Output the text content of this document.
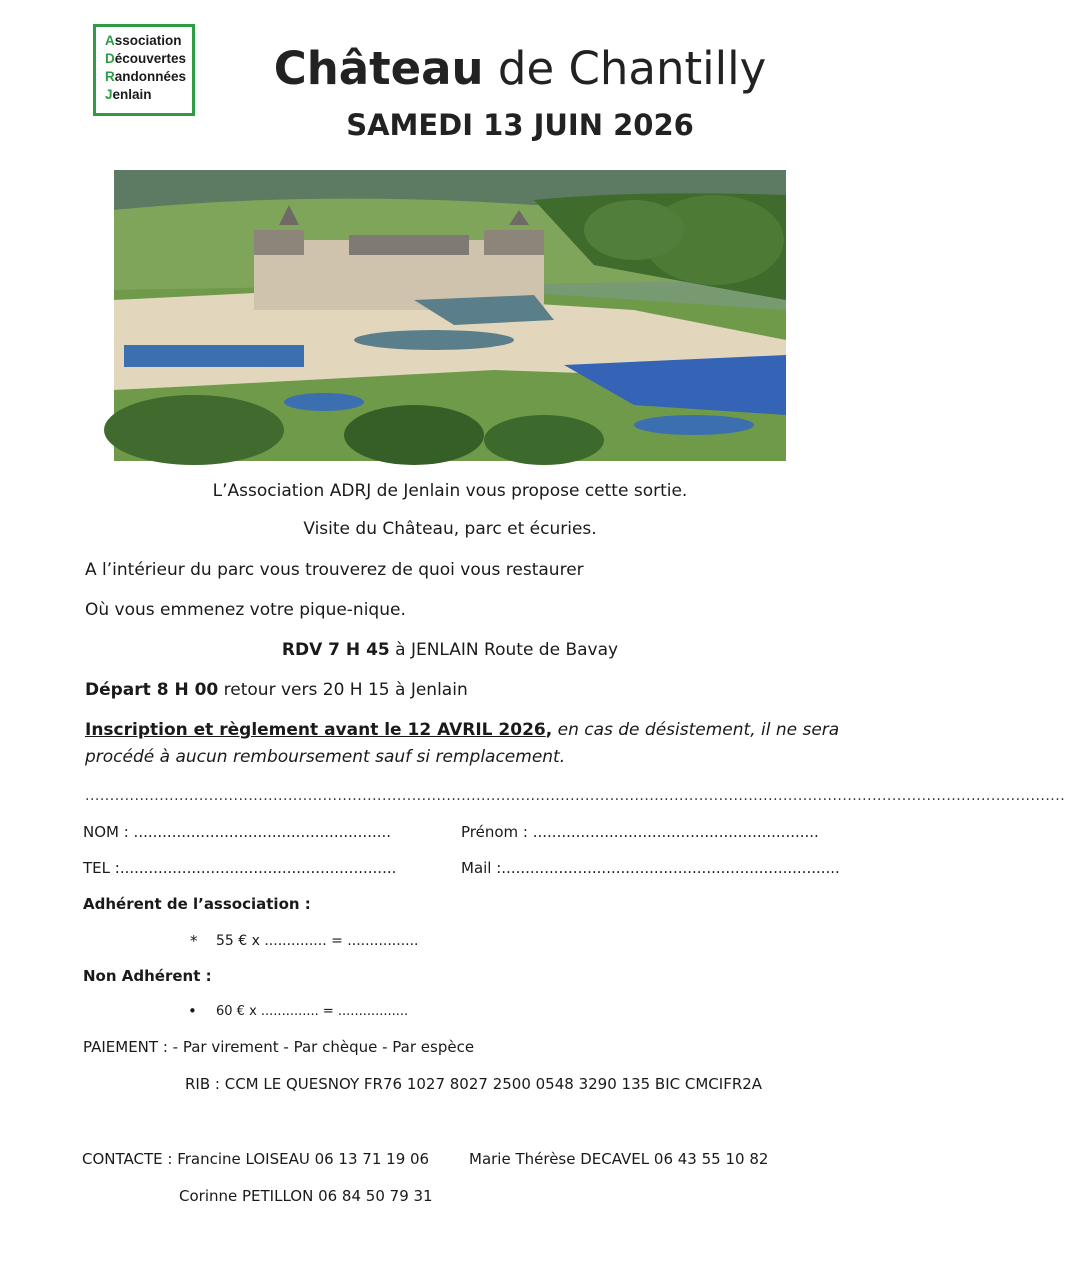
Association
Découvertes
Randonnées
Jenlain	Château de Chantilly
SAMEDI 13 JUIN 2026
L’Association ADRJ de Jenlain vous propose cette sortie.
Visite du Château, parc et écuries.
A l’intérieur du parc vous trouverez de quoi vous restaurer
Où vous emmenez votre pique-nique.
RDV 7 H 45 à JENLAIN Route de Bavay
Départ 8 H 00 retour vers 20 H 15 à Jenlain
Inscription et règlement avant le 12 AVRIL 2026, en cas de désistement, il ne sera
procédé à aucun remboursement sauf si remplacement.
......................................................................................................................................................................................................
NOM : ......................................................	Prénom : ............................................................
TEL :..........................................................	Mail :.......................................................................
Adhérent de l’association :
* 55 € x .............. = ................
Non Adhérent :
• 60 € x .............. = .................
PAIEMENT : - Par virement - Par chèque - Par espèce
RIB : CCM LE QUESNOY FR76 1027 8027 2500 0548 3290 135 BIC CMCIFR2A
CONTACTE : Francine LOISEAU 06 13 71 19 06	Marie Thérèse DECAVEL 06 43 55 10 82
Corinne PETILLON 06 84 50 79 31
